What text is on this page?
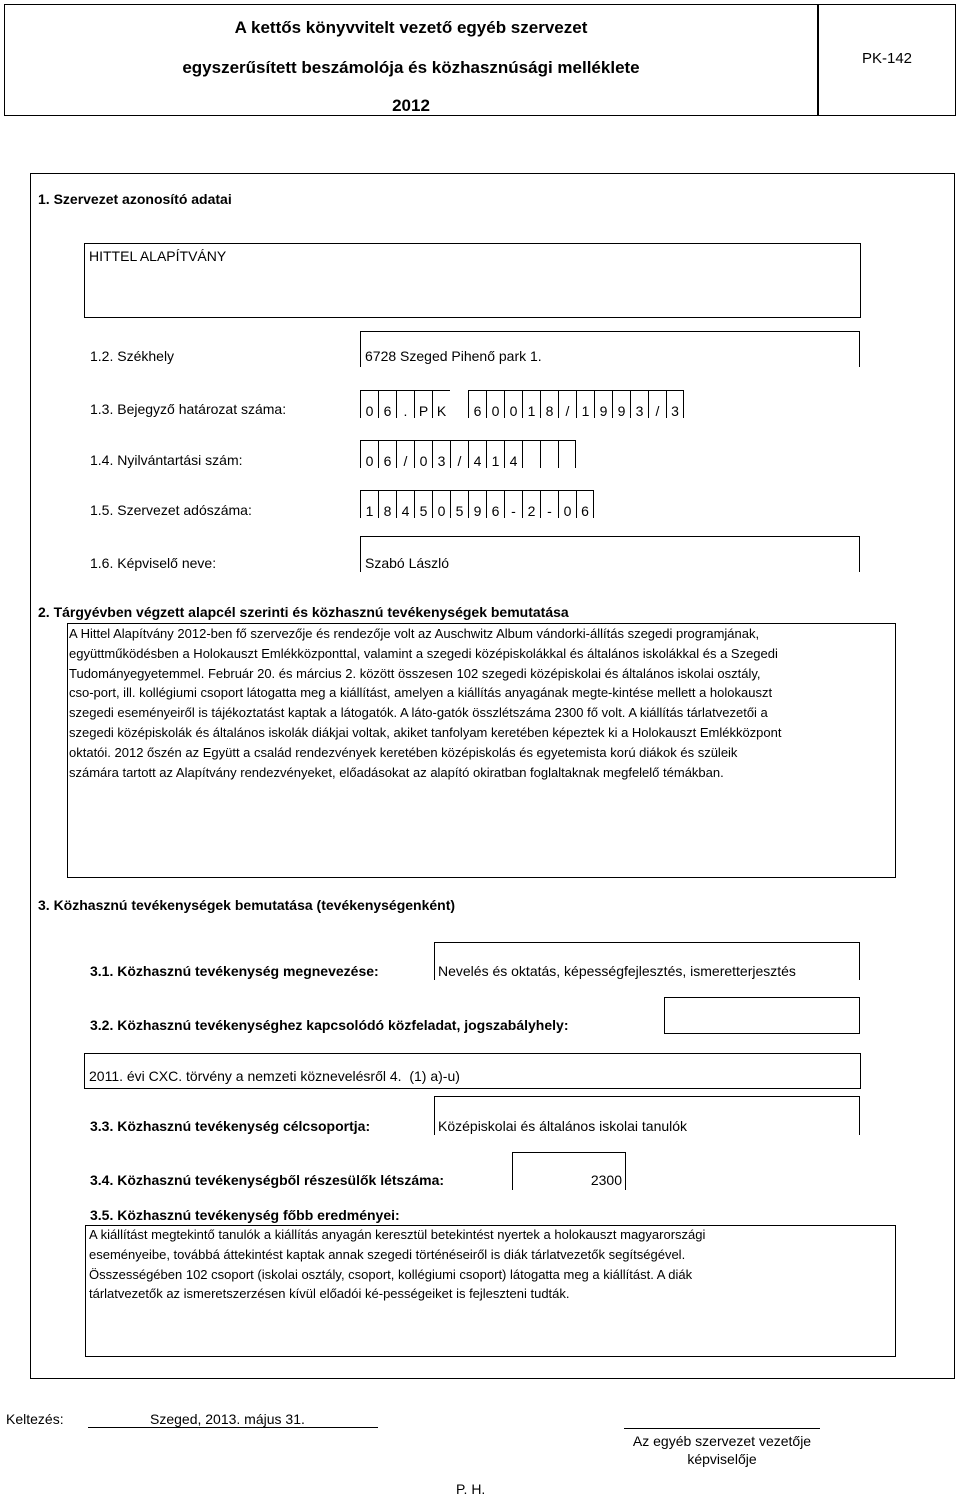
A kettős könyvvitelt vezető egyéb szervezet
egyszerűsített beszámolója és közhasznúsági melléklete
2012
PK-142
1. Szervezet azonosító adatai
HITTEL ALAPÍTVÁNY
1.2. Székhely	6728 Szeged Pihenő park 1.
1.3. Bejegyző határozat száma:	0 6 . P K	6 0 0 1 8 / 1 9 9 3 / 3
1.4. Nyilvántartási szám:	0 6 / 0 3 / 4 1 4
1.5. Szervezet adószáma:	1 8 4 5 0 5 9 6 - 2 - 0 6
1.6. Képviselő neve:	Szabó László
2. Tárgyévben végzett alapcél szerinti és közhasznú tevékenységek bemutatása
A Hittel Alapítvány 2012-ben fő szervezője és rendezője volt az Auschwitz Album vándorki-állítás szegedi programjának,
együttműködésben a Holokauszt Emlékközponttal, valamint a szegedi középiskolákkal és általános iskolákkal és a Szegedi
Tudományegyetemmel. Február 20. és március 2. között összesen 102 szegedi középiskolai és általános iskolai osztály,
cso-port, ill. kollégiumi csoport látogatta meg a kiállítást, amelyen a kiállítás anyagának megte-kintése mellett a holokauszt
szegedi eseményeiről is tájékoztatást kaptak a látogatók. A láto-gatók összlétszáma 2300 fő volt. A kiállítás tárlatvezetői a
szegedi középiskolák és általános iskolák diákjai voltak, akiket tanfolyam keretében képeztek ki a Holokauszt Emlékközpont
oktatói. 2012 őszén az Együtt a család rendezvények keretében középiskolás és egyetemista korú diákok és szüleik
számára tartott az Alapítvány rendezvényeket, előadásokat az alapító okiratban foglaltaknak megfelelő témákban.
3. Közhasznú tevékenységek bemutatása (tevékenységenként)
3.1. Közhasznú tevékenység megnevezése:	Nevelés és oktatás, képességfejlesztés, ismeretterjesztés
3.2. Közhasznú tevékenységhez kapcsolódó közfeladat, jogszabályhely:
2011. évi CXC. törvény a nemzeti köznevelésről 4.  (1) a)-u)
3.3. Közhasznú tevékenység célcsoportja:	Középiskolai és általános iskolai tanulók
3.4. Közhasznú tevékenységből részesülők létszáma:	2300
3.5. Közhasznú tevékenység főbb eredményei:
A kiállítást megtekintő tanulók a kiállítás anyagán keresztül betekintést nyertek a holokauszt magyarországi
eseményeibe, továbbá áttekintést kaptak annak szegedi történéseiről is diák tárlatvezetők segítségével.
Összességében 102 csoport (iskolai osztály, csoport, kollégiumi csoport) látogatta meg a kiállítást. A diák
tárlatvezetők az ismeretszerzésen kívül előadói ké-pességeiket is fejleszteni tudták.
Keltezés:	Szeged, 2013. május 31.
Az egyéb szervezet vezetője
képviselője
P. H.
